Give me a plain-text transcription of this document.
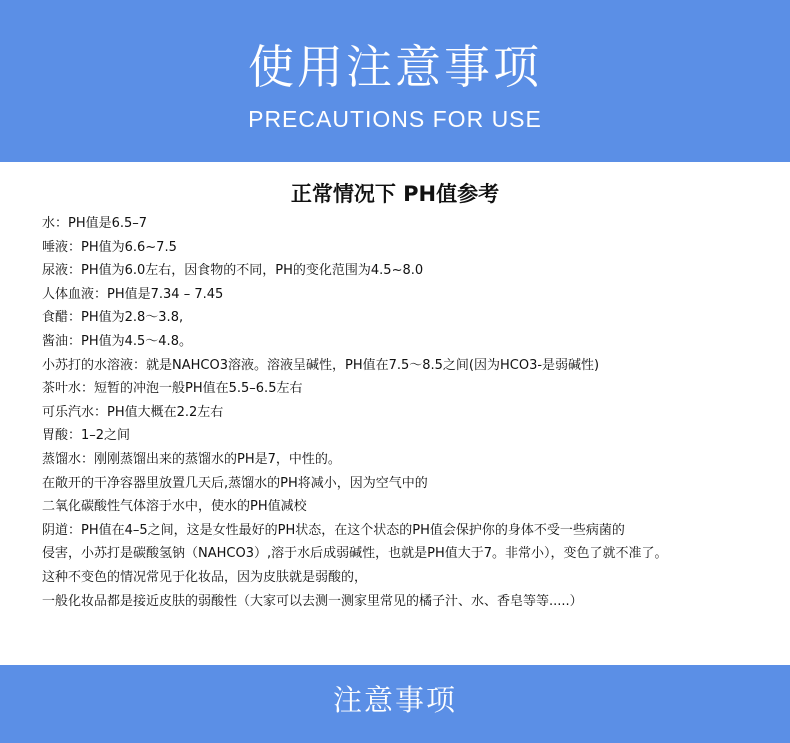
使用注意事项
PRECAUTIONS FOR USE
正常情况下 PH值参考
水：PH值是6.5–7
唾液：PH值为6.6~7.5
尿液：PH值为6.0左右，因食物的不同，PH的变化范围为4.5~8.0
人体血液：PH值是7.34 – 7.45
食醋：PH值为2.8～3.8,
酱油：PH值为4.5～4.8。
小苏打的水溶液：就是NAHCO3溶液。溶液呈碱性，PH值在7.5～8.5之间(因为HCO3-是弱碱性)
茶叶水：短暂的冲泡一般PH值在5.5–6.5左右
可乐汽水：PH值大概在2.2左右
胃酸：1–2之间
蒸馏水：刚刚蒸馏出来的蒸馏水的PH是7，中性的。
在敞开的干净容器里放置几天后,蒸馏水的PH将减小，因为空气中的
二氧化碳酸性气体溶于水中，使水的PH值减校
阴道：PH值在4–5之间，这是女性最好的PH状态，在这个状态的PH值会保护你的身体不受一些病菌的
侵害，小苏打是碳酸氢钠（NAHCO3）,溶于水后成弱碱性，也就是PH值大于7。非常小），变色了就不准了。
这种不变色的情况常见于化妆品，因为皮肤就是弱酸的，
一般化妆品都是接近皮肤的弱酸性（大家可以去测一测家里常见的橘子汁、水、香皂等等.....）
注意事项
